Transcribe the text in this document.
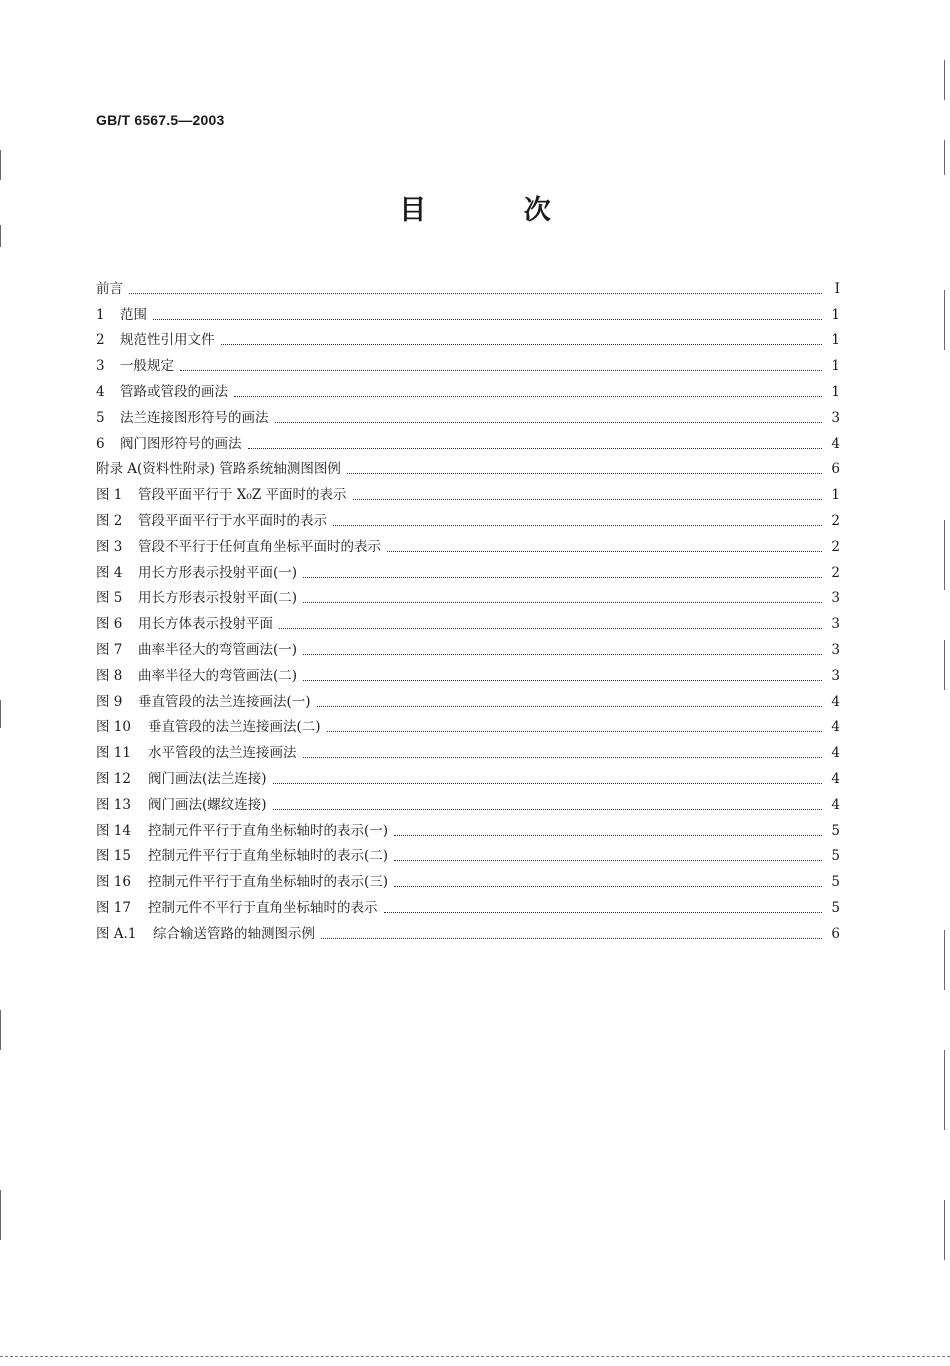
GB/T 6567.5—2003
目 次
前言	I
1	范围	1
2	规范性引用文件	1
3	一般规定	1
4	管路或管段的画法	1
5	法兰连接图形符号的画法	3
6	阀门图形符号的画法	4
附录 A(资料性附录) 管路系统轴测图图例	6
图 1	管段平面平行于 X₀Z 平面时的表示	1
图 2	管段平面平行于水平面时的表示	2
图 3	管段不平行于任何直角坐标平面时的表示	2
图 4	用长方形表示投射平面(一)	2
图 5	用长方形表示投射平面(二)	3
图 6	用长方体表示投射平面	3
图 7	曲率半径大的弯管画法(一)	3
图 8	曲率半径大的弯管画法(二)	3
图 9	垂直管段的法兰连接画法(一)	4
图 10	垂直管段的法兰连接画法(二)	4
图 11	水平管段的法兰连接画法	4
图 12	阀门画法(法兰连接)	4
图 13	阀门画法(螺纹连接)	4
图 14	控制元件平行于直角坐标轴时的表示(一)	5
图 15	控制元件平行于直角坐标轴时的表示(二)	5
图 16	控制元件平行于直角坐标轴时的表示(三)	5
图 17	控制元件不平行于直角坐标轴时的表示	5
图 A.1	综合输送管路的轴测图示例	6
